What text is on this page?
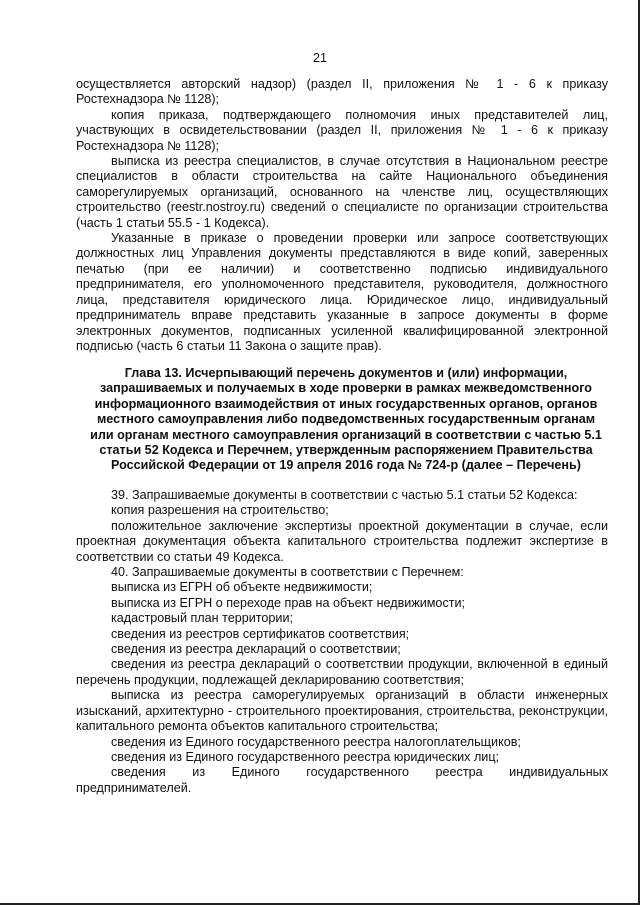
21

осуществляется авторский надзор) (раздел II, приложения № 1 - 6 к приказу Ростехнадзора № 1128);

копия приказа, подтверждающего полномочия иных представителей лиц, участвующих в освидетельствовании (раздел II, приложения № 1 - 6 к приказу Ростехнадзора № 1128);

выписка из реестра специалистов, в случае отсутствия в Национальном реестре специалистов в области строительства на сайте Национального объединения саморегулируемых организаций, основанного на членстве лиц, осуществляющих строительство (reestr.nostroy.ru) сведений о специалисте по организации строительства (часть 1 статьи 55.5 - 1 Кодекса).

Указанные в приказе о проведении проверки или запросе соответствующих должностных лиц Управления документы представляются в виде копий, заверенных печатью (при ее наличии) и соответственно подписью индивидуального предпринимателя, его уполномоченного представителя, руководителя, должностного лица, представителя юридического лица. Юридическое лицо, индивидуальный предприниматель вправе представить указанные в запросе документы в форме электронных документов, подписанных усиленной квалифицированной электронной подписью (часть 6 статьи 11 Закона о защите прав).

Глава 13. Исчерпывающий перечень документов и (или) информации,
запрашиваемых и получаемых в ходе проверки в рамках межведомственного
информационного взаимодействия от иных государственных органов, органов
местного самоуправления либо подведомственных государственным органам
или органам местного самоуправления организаций в соответствии с частью 5.1
статьи 52 Кодекса и Перечнем, утвержденным распоряжением Правительства
Российской Федерации от 19 апреля 2016 года № 724-р (далее – Перечень)

39. Запрашиваемые документы в соответствии с частью 5.1 статьи 52 Кодекса:

копия разрешения на строительство;

положительное заключение экспертизы проектной документации в случае, если проектная документация объекта капитального строительства подлежит экспертизе в соответствии со статьи 49 Кодекса.

40. Запрашиваемые документы в соответствии с Перечнем:

выписка из ЕГРН об объекте недвижимости;

выписка из ЕГРН о переходе прав на объект недвижимости;

кадастровый план территории;

сведения из реестров сертификатов соответствия;

сведения из реестра деклараций о соответствии;

сведения из реестра деклараций о соответствии продукции, включенной в единый перечень продукции, подлежащей декларированию соответствия;

выписка из реестра саморегулируемых организаций в области инженерных изысканий, архитектурно - строительного проектирования, строительства, реконструкции, капитального ремонта объектов капитального строительства;

сведения из Единого государственного реестра налогоплательщиков;

сведения из Единого государственного реестра юридических лиц;

сведения из Единого государственного реестра индивидуальных предпринимателей.
